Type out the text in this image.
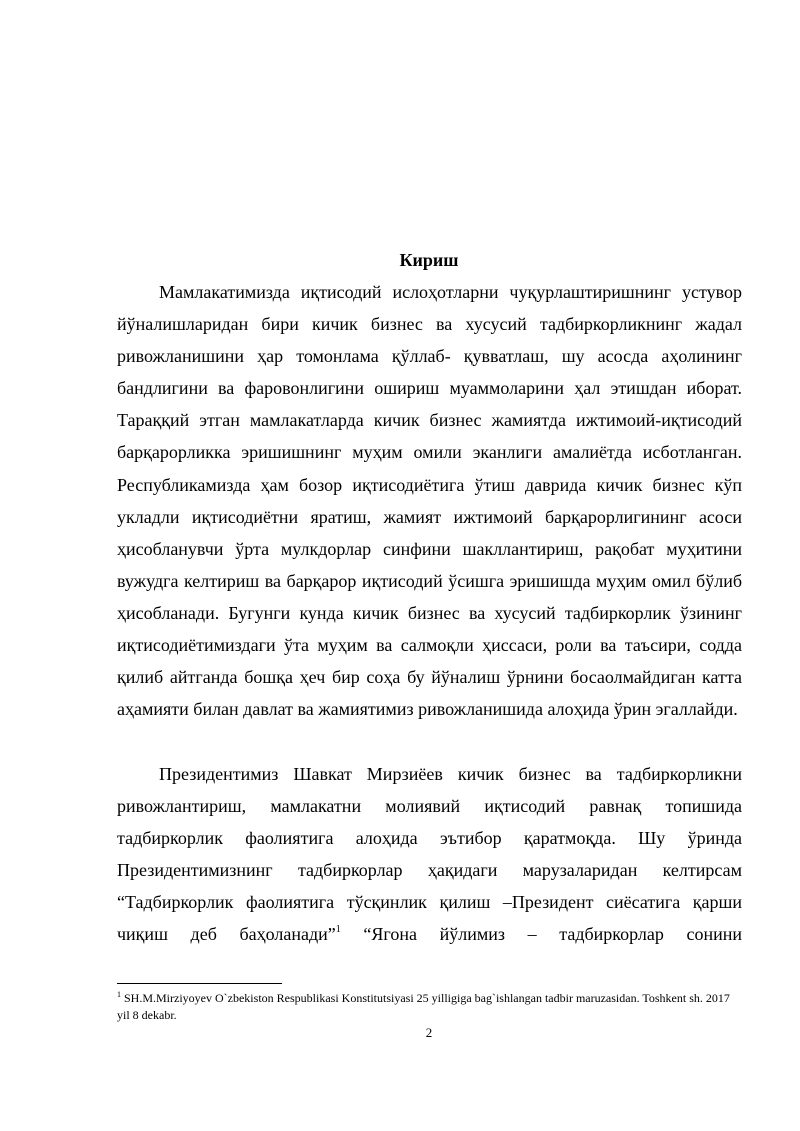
Кириш

Мамлакатимизда иқтисодий ислоҳотларни чуқурлаштиришнинг устувор йўналишларидан бири кичик бизнес ва хусусий тадбиркорликнинг жадал ривожланишини ҳар томонлама қўллаб- қувватлаш, шу асосда аҳолининг бандлигини ва фаровонлигини ошириш муаммоларини ҳал этишдан иборат. Тараққий этган мамлакатларда кичик бизнес жамиятда ижтимоий-иқтисодий барқарорликка эришишнинг муҳим омили эканлиги амалиётда исботланган. Республикамизда ҳам бозор иқтисодиётига ўтиш даврида кичик бизнес кўп укладли иқтисодиётни яратиш, жамият ижтимоий барқарорлигининг асоси ҳисобланувчи ўрта мулкдорлар синфини шакллантириш, рақобат муҳитини вужудга келтириш ва барқарор иқтисодий ўсишга эришишда муҳим омил бўлиб ҳисобланади. Бугунги кунда кичик бизнес ва хусусий тадбиркорлик ўзининг иқтисодиётимиздаги ўта муҳим ва салмоқли ҳиссаси, роли ва таъсири, содда қилиб айтганда бошқа ҳеч бир соҳа бу йўналиш ўрнини босаолмайдиган катта аҳамияти билан давлат ва жамиятимиз ривожланишида алоҳида ўрин эгаллайди.

Президентимиз Шавкат Мирзиёев кичик бизнес ва тадбиркорликни ривожлантириш, мамлакатни молиявий иқтисодий равнақ топишида тадбиркорлик фаолиятига алоҳида эътибор қаратмоқда. Шу ўринда Президентимизнинг тадбиркорлар ҳақидаги марузаларидан келтирсам “Тадбиркорлик фаолиятига тўсқинлик қилиш –Президент сиёсатига қарши чиқиш деб баҳоланади”$^1$ “Ягона йўлимиз – тадбиркорлар сонини

$^1$ SH.M.Mirziyoyev O`zbekiston Respublikasi Konstitutsiyasi 25 yilligiga bag`ishlangan tadbir maruzasidan. Toshkent sh. 2017 yil 8 dekabr.
2
